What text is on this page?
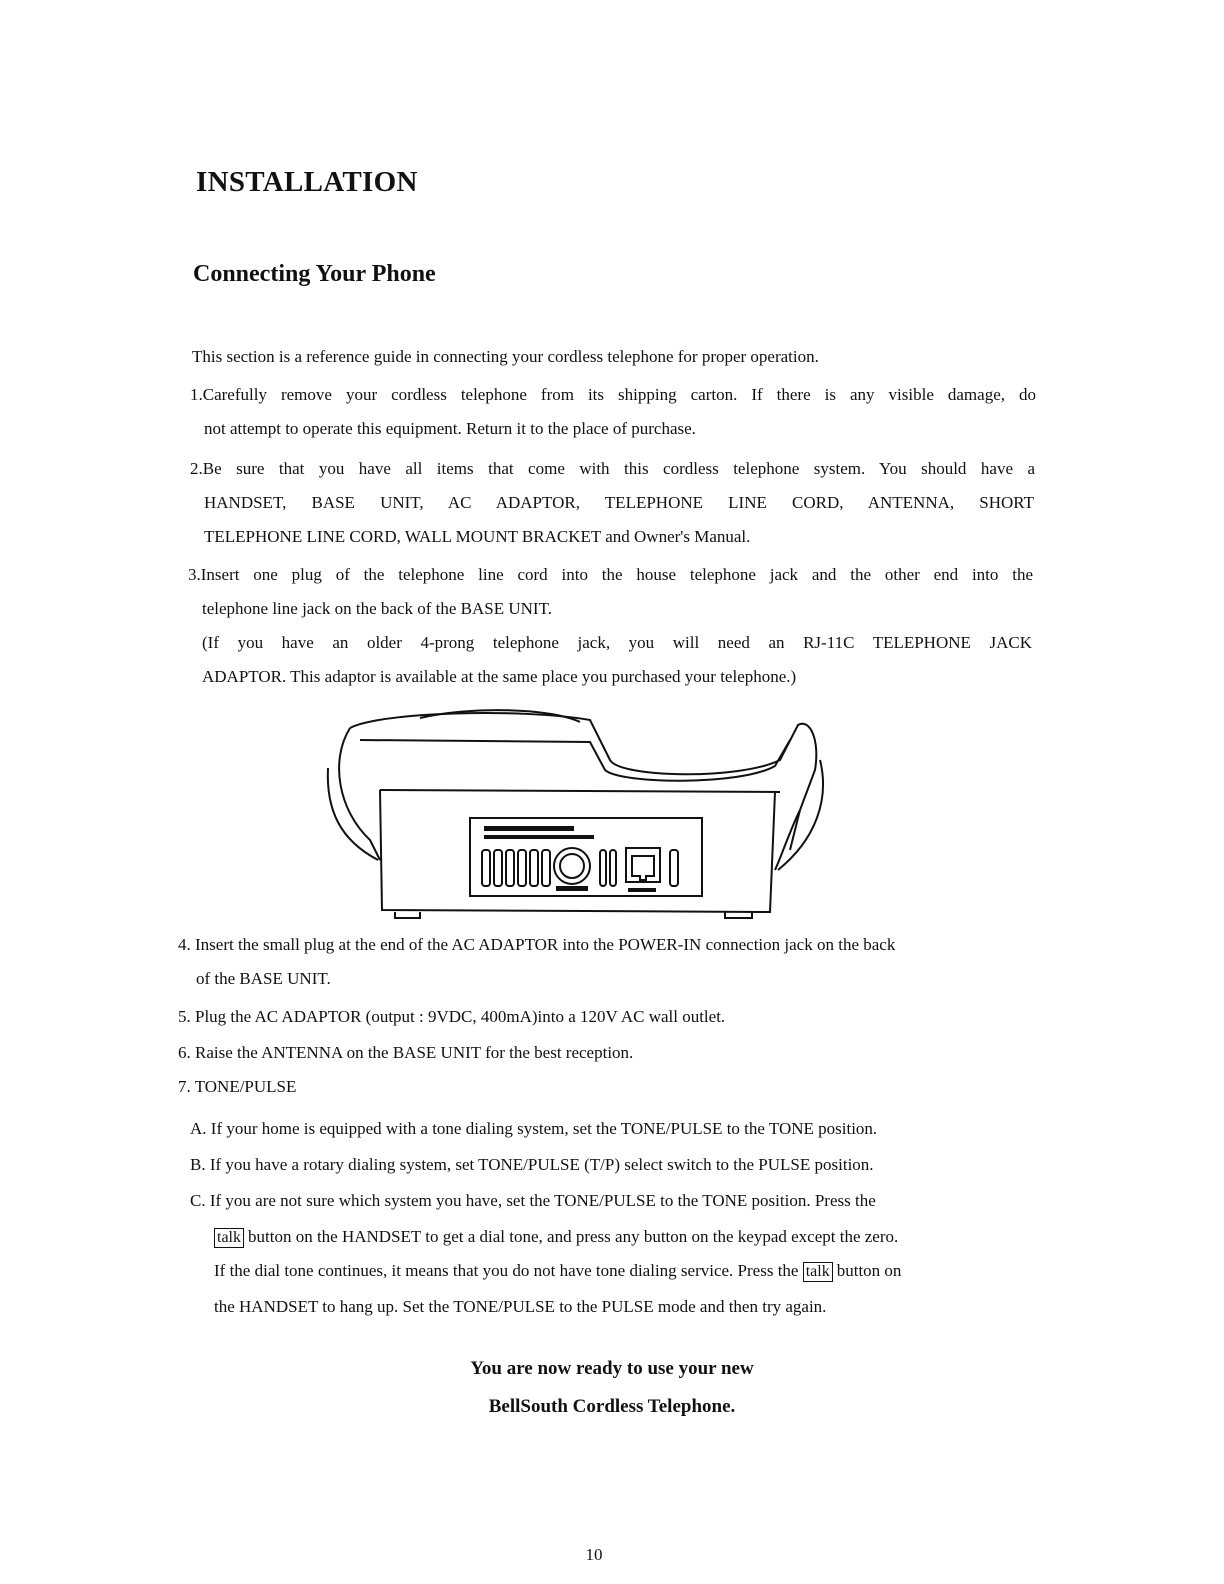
INSTALLATION
Connecting Your Phone

This section is a reference guide in connecting your cordless telephone for proper operation.

1.Carefully remove your cordless telephone from its shipping carton. If there is any visible damage, do

not attempt to operate this equipment. Return it to the place of purchase.

2.Be sure that you have all items that come with this cordless telephone system. You should have a

HANDSET, BASE UNIT, AC ADAPTOR, TELEPHONE LINE CORD, ANTENNA, SHORT

TELEPHONE LINE CORD, WALL MOUNT BRACKET and Owner's Manual.

3.Insert one plug of the telephone line cord into the house telephone jack and the other end into the

telephone line jack on the back of the BASE UNIT.

(If you have an older 4-prong telephone jack, you will need an RJ-11C TELEPHONE JACK

ADAPTOR. This adaptor is available at the same place you purchased your telephone.)

4. Insert the small plug at the end of the AC ADAPTOR into the POWER-IN connection jack on the back

of the BASE UNIT.

5. Plug the AC ADAPTOR (output : 9VDC, 400mA)into a 120V AC wall outlet.

6. Raise the ANTENNA on the BASE UNIT for the best reception.

7. TONE/PULSE

A. If your home is equipped with a tone dialing system, set the TONE/PULSE to the TONE position.

B. If you have a rotary dialing system, set TONE/PULSE (T/P) select switch to the PULSE position.

C. If you are not sure which system you have, set the TONE/PULSE to the TONE position. Press the

talk button on the HANDSET to get a dial tone, and press any button on the keypad except the zero.

If the dial tone continues, it means that you do not have tone dialing service. Press the talk button on

the HANDSET to hang up. Set the TONE/PULSE to the PULSE mode and then try again.

You are now ready to use your new
BellSouth Cordless Telephone.
10
